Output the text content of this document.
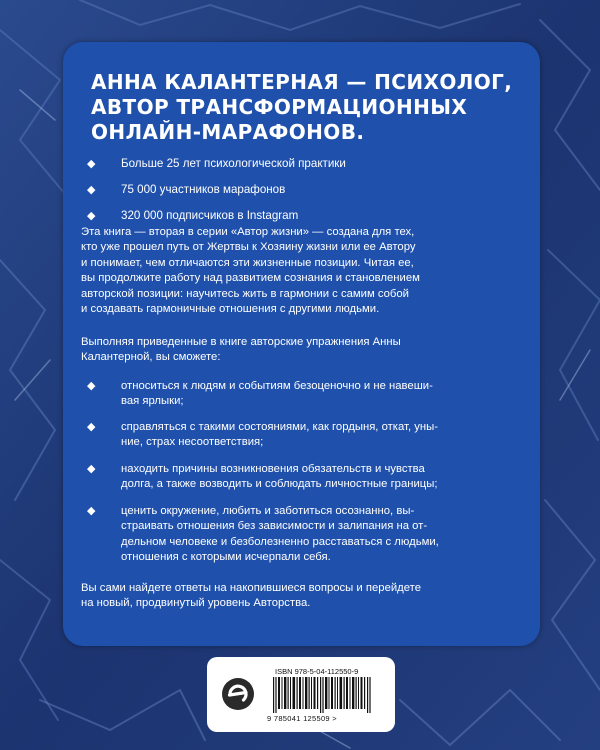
АННА КАЛАНТЕРНАЯ — ПСИХОЛОГ,
АВТОР ТРАНСФОРМАЦИОННЫХ
ОНЛАЙН-МАРАФОНОВ.
◆ Больше 25 лет психологической практики
◆ 75 000 участников марафонов
◆ 320 000 подписчиков в Instagram
Эта книга — вторая в серии «Автор жизни» — создана для тех,
кто уже прошел путь от Жертвы к Хозяину жизни или ее Автору
и понимает, чем отличаются эти жизненные позиции. Читая ее,
вы продолжите работу над развитием сознания и становлением
авторской позиции: научитесь жить в гармонии с самим собой
и создавать гармоничные отношения с другими людьми.
Выполняя приведенные в книге авторские упражнения Анны
Калантерной, вы сможете:
◆ относиться к людям и событиям безоценочно и не навеши-
вая ярлыки;
◆ справляться с такими состояниями, как гордыня, откат, уны-
ние, страх несоответствия;
◆ находить причины возникновения обязательств и чувства
долга, а также возводить и соблюдать личностные границы;
◆ ценить окружение, любить и заботиться осознанно, вы-
страивать отношения без зависимости и залипания на от-
дельном человеке и безболезненно расставаться с людьми,
отношения с которыми исчерпали себя.
Вы сами найдете ответы на накопившиеся вопросы и перейдете
на новый, продвинутый уровень Авторства.
ISBN 978-5-04-112550-9
9 785041 125509 >
